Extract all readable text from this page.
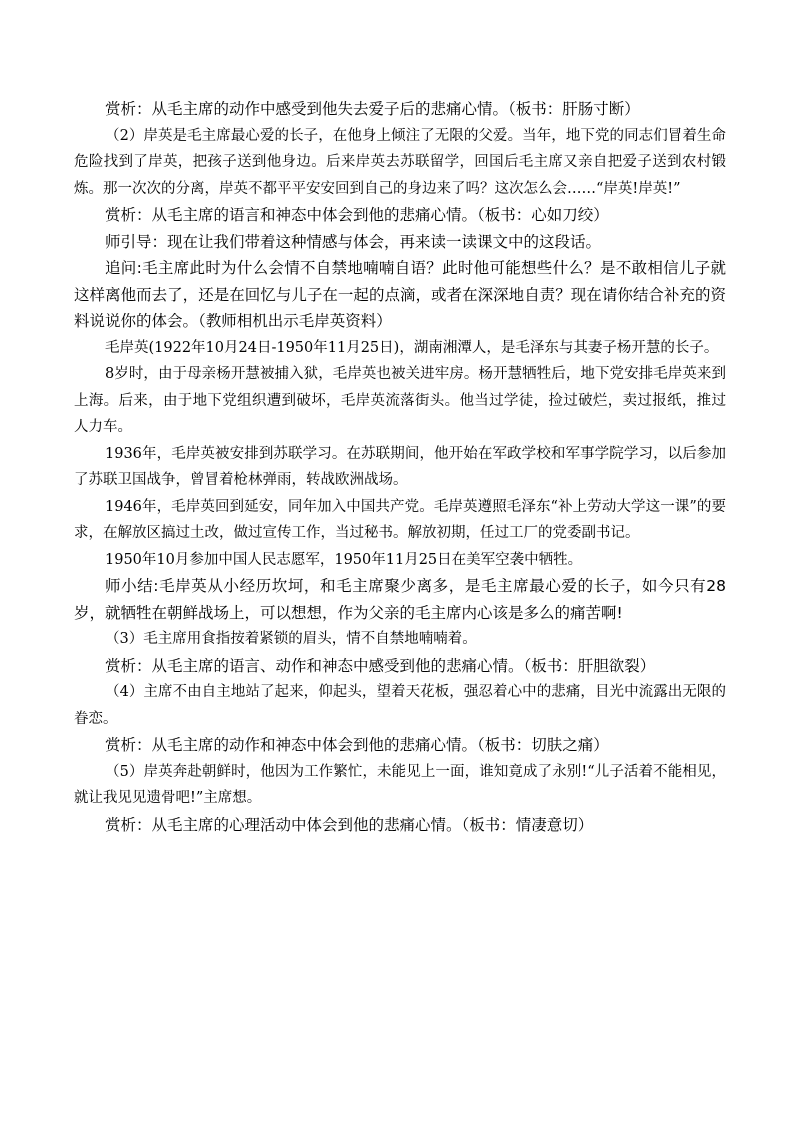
赏析：从毛主席的动作中感受到他失去爱子后的悲痛心情。（板书：肝肠寸断）

（2）岸英是毛主席最心爱的长子，在他身上倾注了无限的父爱。当年，地下党的同志们冒着生命危险找到了岸英，把孩子送到他身边。后来岸英去苏联留学，回国后毛主席又亲自把爱子送到农村锻炼。那一次次的分离，岸英不都平平安安回到自己的身边来了吗？这次怎么会……“岸英!岸英!”

赏析：从毛主席的语言和神态中体会到他的悲痛心情。（板书：心如刀绞）

师引导：现在让我们带着这种情感与体会，再来读一读课文中的这段话。

追问:毛主席此时为什么会情不自禁地喃喃自语？此时他可能想些什么？是不敢相信儿子就这样离他而去了，还是在回忆与儿子在一起的点滴，或者在深深地自责？现在请你结合补充的资料说说你的体会。（教师相机出示毛岸英资料）

毛岸英(1922年10月24日-1950年11月25日)，湖南湘潭人，是毛泽东与其妻子杨开慧的长子。

8岁时，由于母亲杨开慧被捕入狱，毛岸英也被关进牢房。杨开慧牺牲后，地下党安排毛岸英来到上海。后来，由于地下党组织遭到破坏，毛岸英流落街头。他当过学徒，捡过破烂，卖过报纸，推过人力车。

1936年，毛岸英被安排到苏联学习。在苏联期间，他开始在军政学校和军事学院学习，以后参加了苏联卫国战争，曾冒着枪林弹雨，转战欧洲战场。

1946年，毛岸英回到延安，同年加入中国共产党。毛岸英遵照毛泽东“补上劳动大学这一课”的要求，在解放区搞过土改，做过宣传工作，当过秘书。解放初期，任过工厂的党委副书记。

1950年10月参加中国人民志愿军，1950年11月25日在美军空袭中牺牲。

师小结:毛岸英从小经历坎坷，和毛主席聚少离多，是毛主席最心爱的长子，如今只有28岁，就牺牲在朝鲜战场上，可以想想，作为父亲的毛主席内心该是多么的痛苦啊!

（3）毛主席用食指按着紧锁的眉头，情不自禁地喃喃着。

赏析：从毛主席的语言、动作和神态中感受到他的悲痛心情。（板书：肝胆欲裂）

（4）主席不由自主地站了起来，仰起头，望着天花板，强忍着心中的悲痛，目光中流露出无限的眷恋。

赏析：从毛主席的动作和神态中体会到他的悲痛心情。（板书：切肤之痛）

（5）岸英奔赴朝鲜时，他因为工作繁忙，未能见上一面，谁知竟成了永别!“儿子活着不能相见，就让我见见遗骨吧!”主席想。

赏析：从毛主席的心理活动中体会到他的悲痛心情。（板书：情凄意切）
